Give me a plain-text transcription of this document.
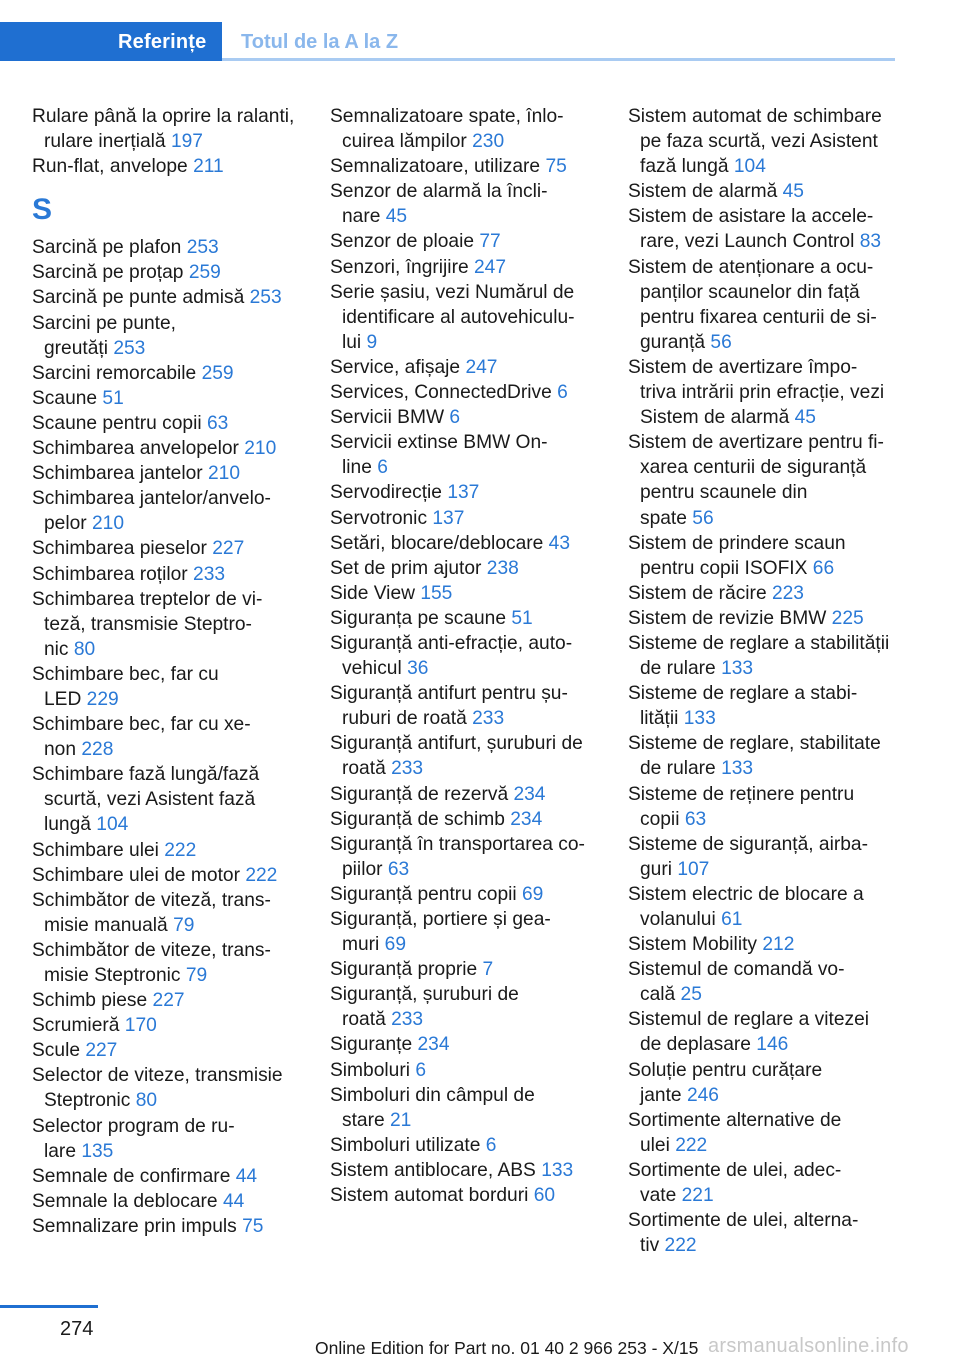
Referințe Totul de la A la Z
Rulare până la oprire la ralanti,
rulare inerțială 197
Run-flat, anvelope 211
S
Sarcină pe plafon 253
Sarcină pe proțap 259
Sarcină pe punte admisă 253
Sarcini pe punte,
greutăți 253
Sarcini remorcabile 259
Scaune 51
Scaune pentru copii 63
Schimbarea anvelopelor 210
Schimbarea jantelor 210
Schimbarea jantelor/anvelo-
pelor 210
Schimbarea pieselor 227
Schimbarea roților 233
Schimbarea treptelor de vi-
teză, transmisie Steptro-
nic 80
Schimbare bec, far cu
LED 229
Schimbare bec, far cu xe-
non 228
Schimbare fază lungă/fază
scurtă, vezi Asistent fază
lungă 104
Schimbare ulei 222
Schimbare ulei de motor 222
Schimbător de viteză, trans-
misie manuală 79
Schimbător de viteze, trans-
misie Steptronic 79
Schimb piese 227
Scrumieră 170
Scule 227
Selector de viteze, transmisie
Steptronic 80
Selector program de ru-
lare 135
Semnale de confirmare 44
Semnale la deblocare 44
Semnalizare prin impuls 75
Semnalizatoare spate, înlo-
cuirea lămpilor 230
Semnalizatoare, utilizare 75
Senzor de alarmă la încli-
nare 45
Senzor de ploaie 77
Senzori, îngrijire 247
Serie șasiu, vezi Numărul de
identificare al autovehiculu-
lui 9
Service, afișaje 247
Services, ConnectedDrive 6
Servicii BMW 6
Servicii extinse BMW On-
line 6
Servodirecție 137
Servotronic 137
Setări, blocare/deblocare 43
Set de prim ajutor 238
Side View 155
Siguranța pe scaune 51
Siguranță anti-efracție, auto-
vehicul 36
Siguranță antifurt pentru șu-
ruburi de roată 233
Siguranță antifurt, șuruburi de
roată 233
Siguranță de rezervă 234
Siguranță de schimb 234
Siguranță în transportarea co-
piilor 63
Siguranță pentru copii 69
Siguranță, portiere și gea-
muri 69
Siguranță proprie 7
Siguranță, șuruburi de
roată 233
Siguranțe 234
Simboluri 6
Simboluri din câmpul de
stare 21
Simboluri utilizate 6
Sistem antiblocare, ABS 133
Sistem automat borduri 60
Sistem automat de schimbare
pe faza scurtă, vezi Asistent
fază lungă 104
Sistem de alarmă 45
Sistem de asistare la accele-
rare, vezi Launch Control 83
Sistem de atenționare a ocu-
panților scaunelor din față
pentru fixarea centurii de si-
guranță 56
Sistem de avertizare împo-
triva intrării prin efracție, vezi
Sistem de alarmă 45
Sistem de avertizare pentru fi-
xarea centurii de siguranță
pentru scaunele din
spate 56
Sistem de prindere scaun
pentru copii ISOFIX 66
Sistem de răcire 223
Sistem de revizie BMW 225
Sisteme de reglare a stabilității
de rulare 133
Sisteme de reglare a stabi-
lității 133
Sisteme de reglare, stabilitate
de rulare 133
Sisteme de reținere pentru
copii 63
Sisteme de siguranță, airba-
guri 107
Sistem electric de blocare a
volanului 61
Sistem Mobility 212
Sistemul de comandă vo-
cală 25
Sistemul de reglare a vitezei
de deplasare 146
Soluție pentru curățare
jante 246
Sortimente alternative de
ulei 222
Sortimente de ulei, adec-
vate 221
Sortimente de ulei, alterna-
tiv 222
274
Online Edition for Part no. 01 40 2 966 253 - X/15 arsmanualsonline.info
